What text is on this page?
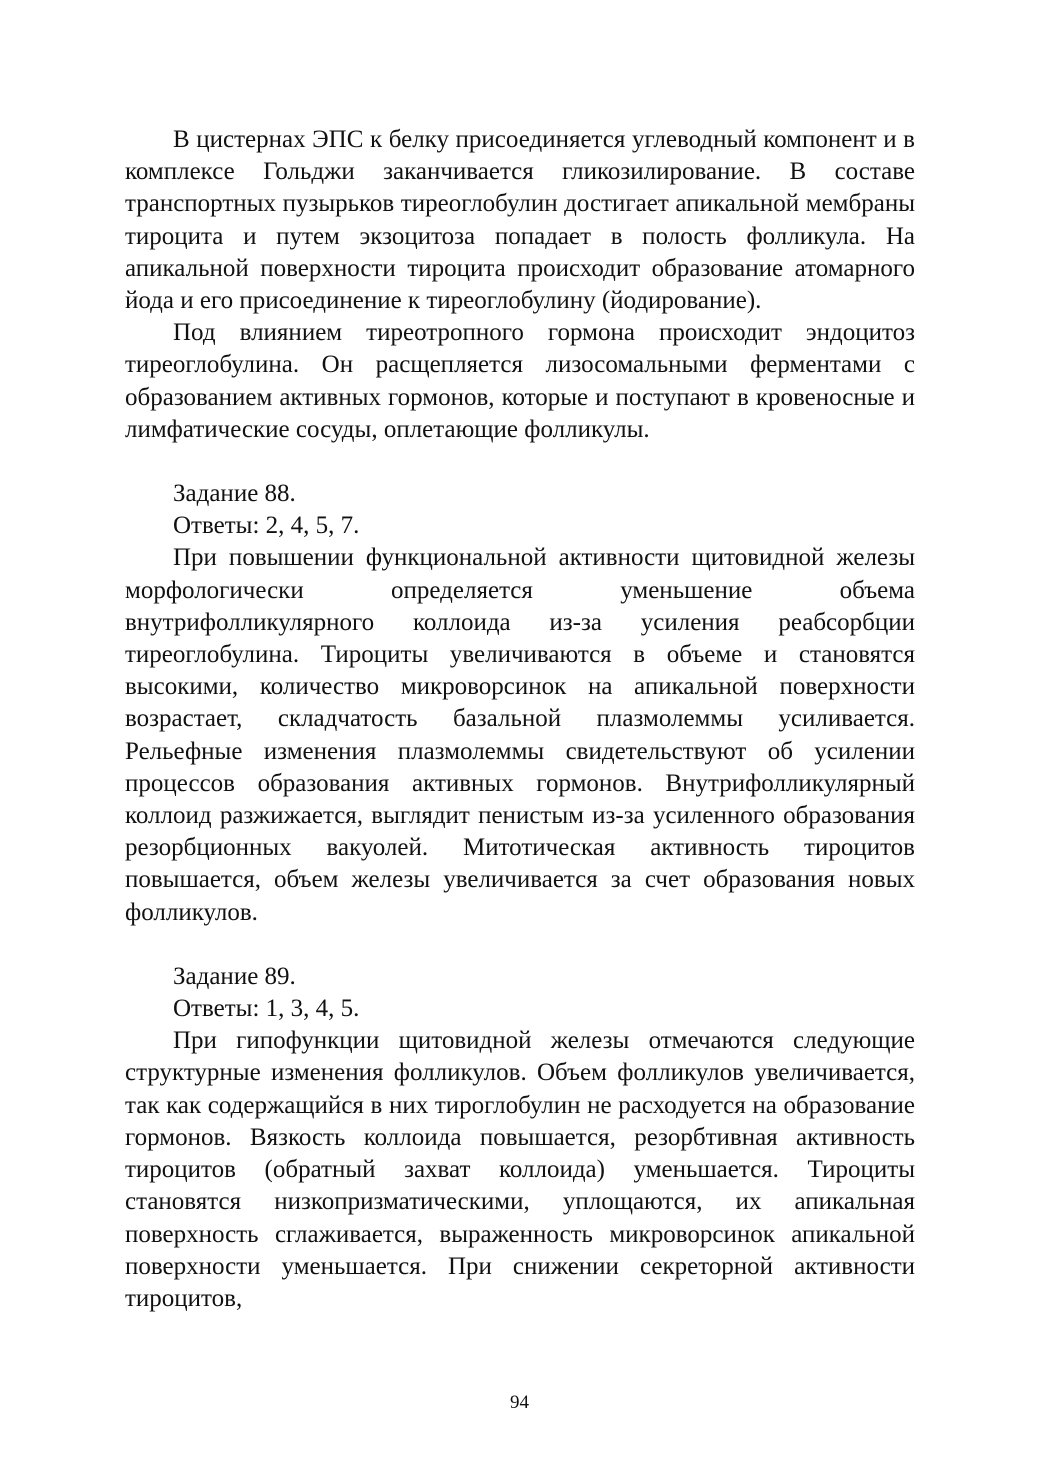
В цистернах ЭПС к белку присоединяется углеводный компонент и в комплексе Гольджи заканчивается гликозилирование. В составе транспортных пузырьков тиреоглобулин достигает апикальной мембраны тироцита и путем экзоцитоза попадает в полость фолликула. На апикальной поверхности тироцита происходит образование атомарного йода и его присоединение к тиреоглобулину (йодирование).

Под влиянием тиреотропного гормона происходит эндоцитоз тиреоглобулина. Он расщепляется лизосомальными ферментами с образованием активных гормонов, которые и поступают в кровеносные и лимфатические сосуды, оплетающие фолликулы.

Задание 88.

Ответы: 2, 4, 5, 7.

При повышении функциональной активности щитовидной железы морфологически определяется уменьшение объема внутрифолликулярного коллоида из-за усиления реабсорбции тиреоглобулина. Тироциты увеличиваются в объеме и становятся высокими, количество микроворсинок на апикальной поверхности возрастает, складчатость базальной плазмолеммы усиливается. Рельефные изменения плазмолеммы свидетельствуют об усилении процессов образования активных гормонов. Внутрифолликулярный коллоид разжижается, выглядит пенистым из-за усиленного образования резорбционных вакуолей. Митотическая активность тироцитов повышается, объем железы увеличивается за счет образования новых фолликулов.

Задание 89.

Ответы: 1, 3, 4, 5.

При гипофункции щитовидной железы отмечаются следующие структурные изменения фолликулов. Объем фолликулов увеличивается, так как содержащийся в них тироглобулин не расходуется на образование гормонов. Вязкость коллоида повышается, резорбтивная активность тироцитов (обратный захват коллоида) уменьшается. Тироциты становятся низкопризматическими, уплощаются, их апикальная поверхность сглаживается, выраженность микроворсинок апикальной поверхности уменьшается. При снижении секреторной активности тироцитов,

94
